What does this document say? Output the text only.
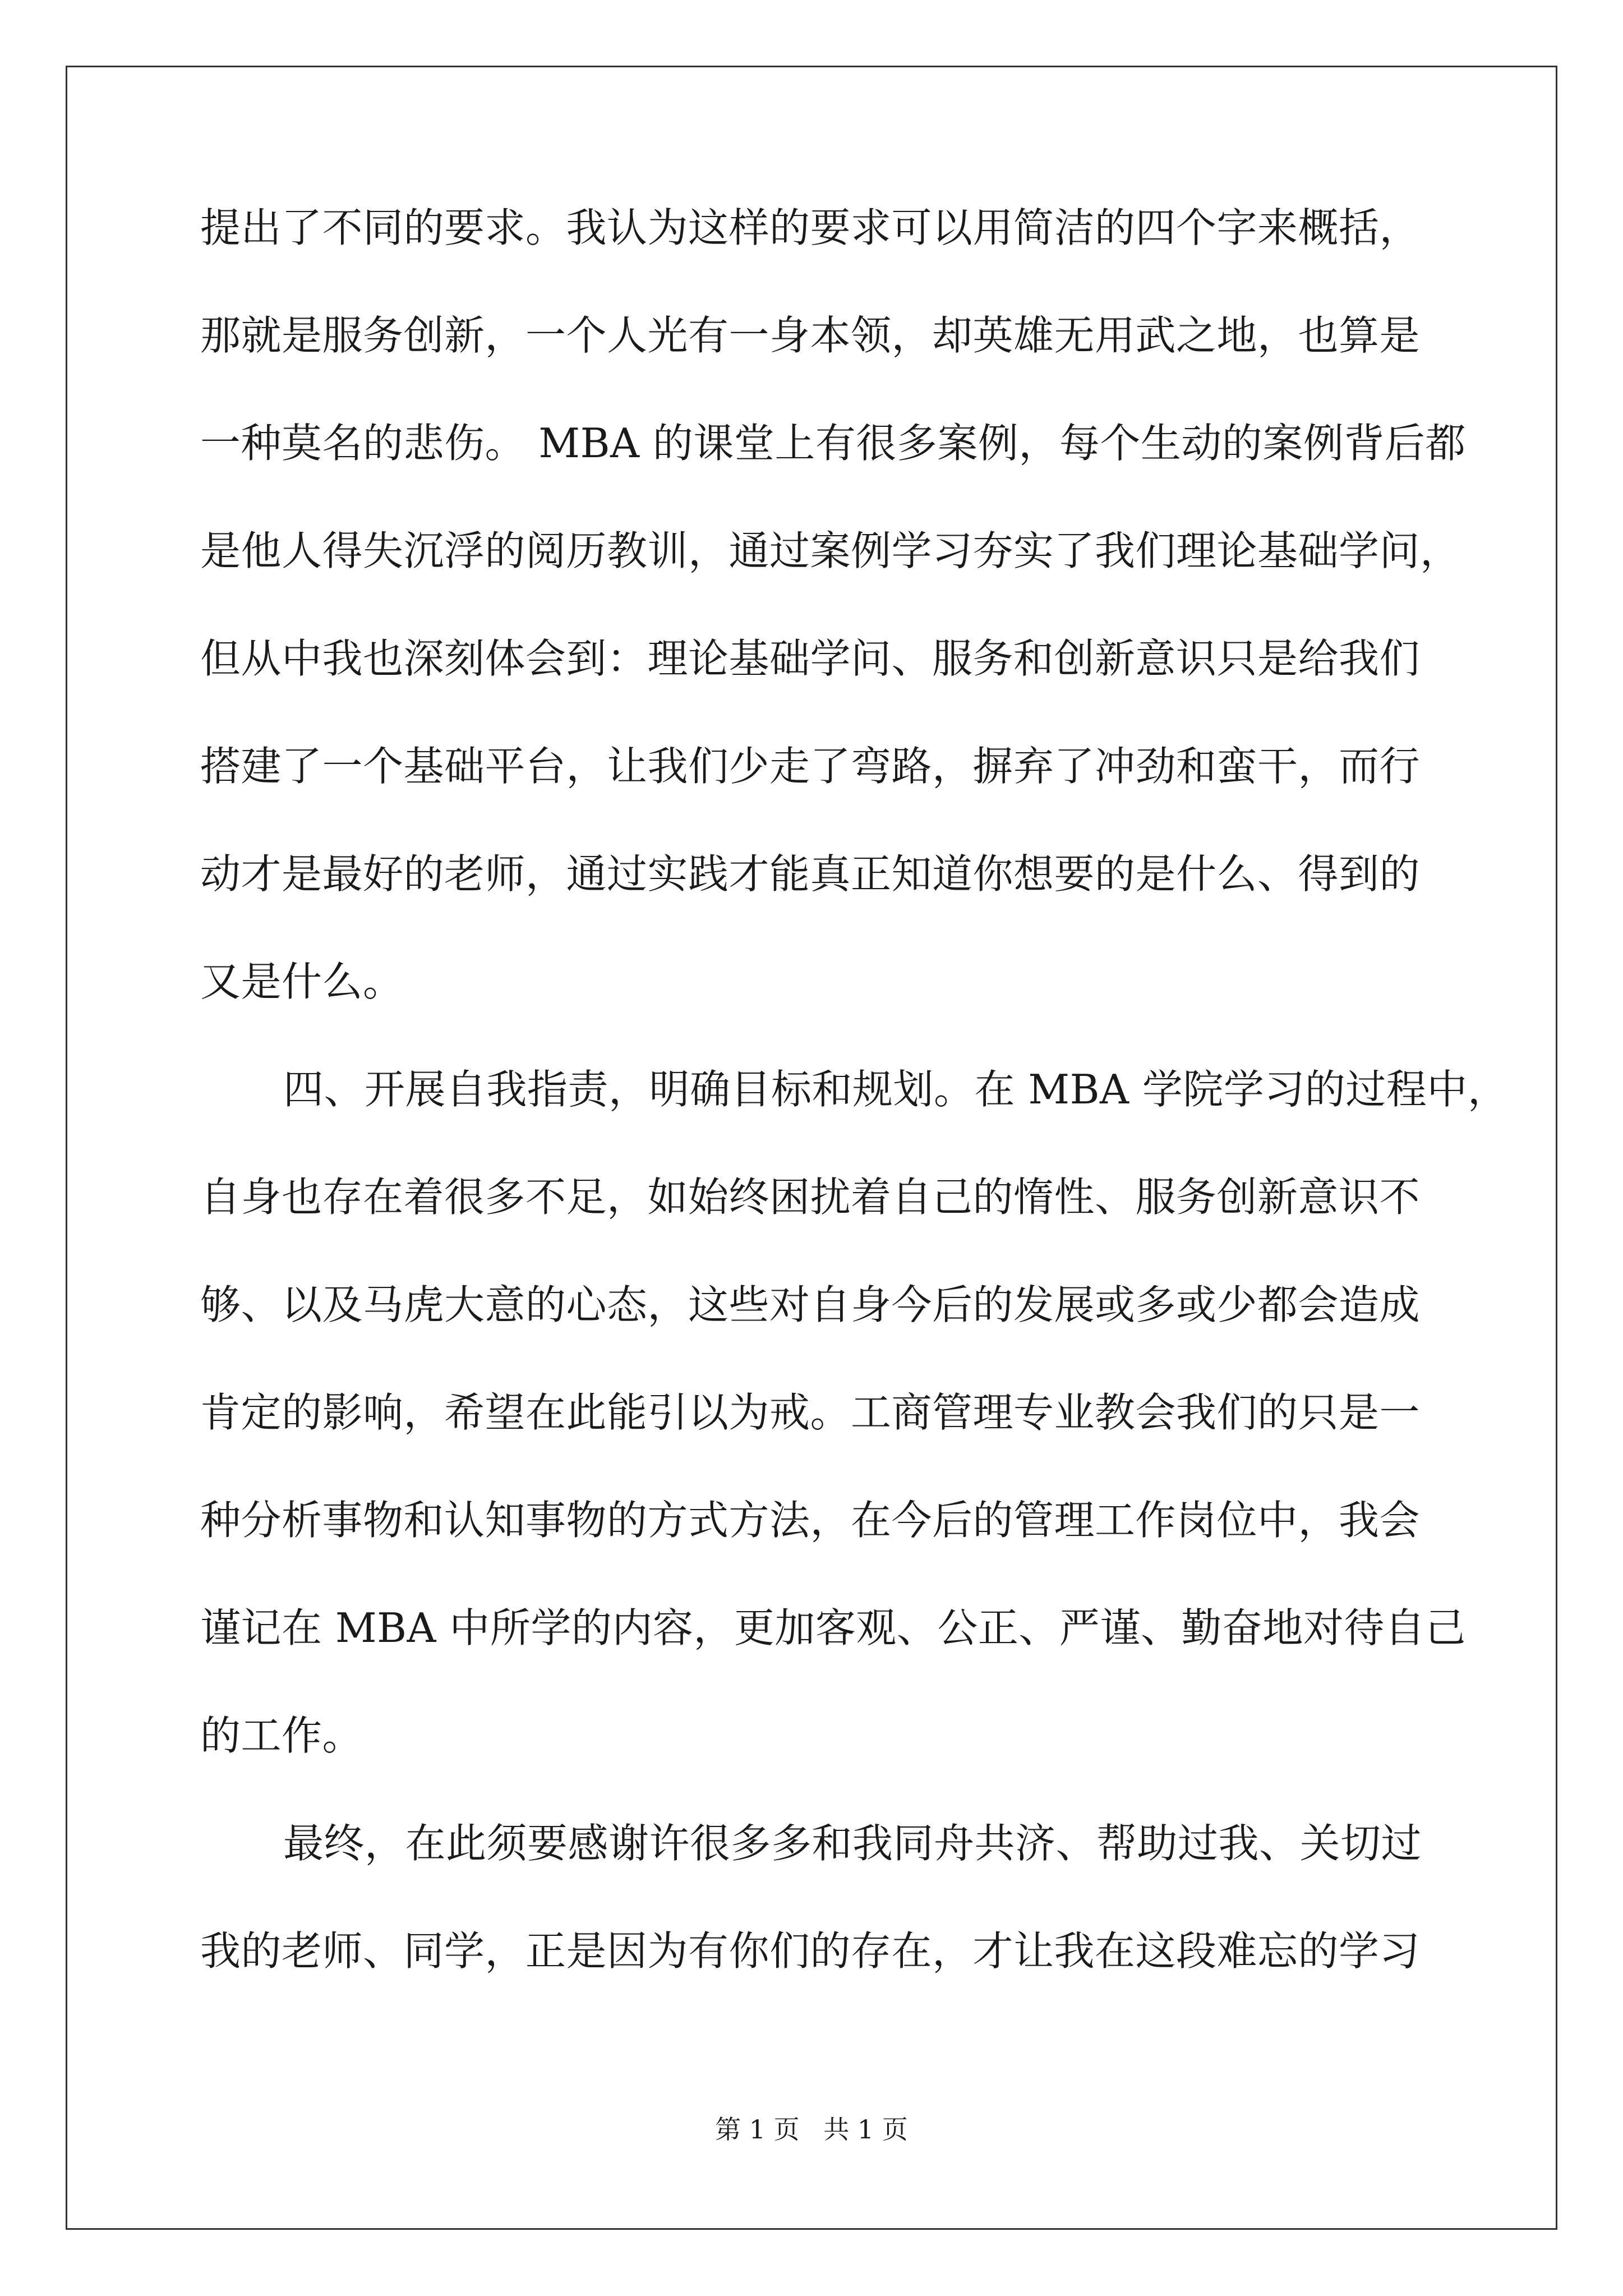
提出了不同的要求。我认为这样的要求可以用简洁的四个字来概括，
那就是服务创新，一个人光有一身本领，却英雄无用武之地，也算是
一种莫名的悲伤。 MBA 的课堂上有很多案例，每个生动的案例背后都
是他人得失沉浮的阅历教训，通过案例学习夯实了我们理论基础学问，
但从中我也深刻体会到：理论基础学问、服务和创新意识只是给我们
搭建了一个基础平台，让我们少走了弯路，摒弃了冲劲和蛮干，而行
动才是最好的老师，通过实践才能真正知道你想要的是什么、得到的
又是什么。
四、开展自我指责，明确目标和规划。在 MBA 学院学习的过程中，
自身也存在着很多不足，如始终困扰着自己的惰性、服务创新意识不
够、以及马虎大意的心态，这些对自身今后的发展或多或少都会造成
肯定的影响，希望在此能引以为戒。工商管理专业教会我们的只是一
种分析事物和认知事物的方式方法，在今后的管理工作岗位中，我会
谨记在 MBA 中所学的内容，更加客观、公正、严谨、勤奋地对待自己
的工作。
最终，在此须要感谢许很多多和我同舟共济、帮助过我、关切过
我的老师、同学，正是因为有你们的存在，才让我在这段难忘的学习
第 1 页 共 1 页
